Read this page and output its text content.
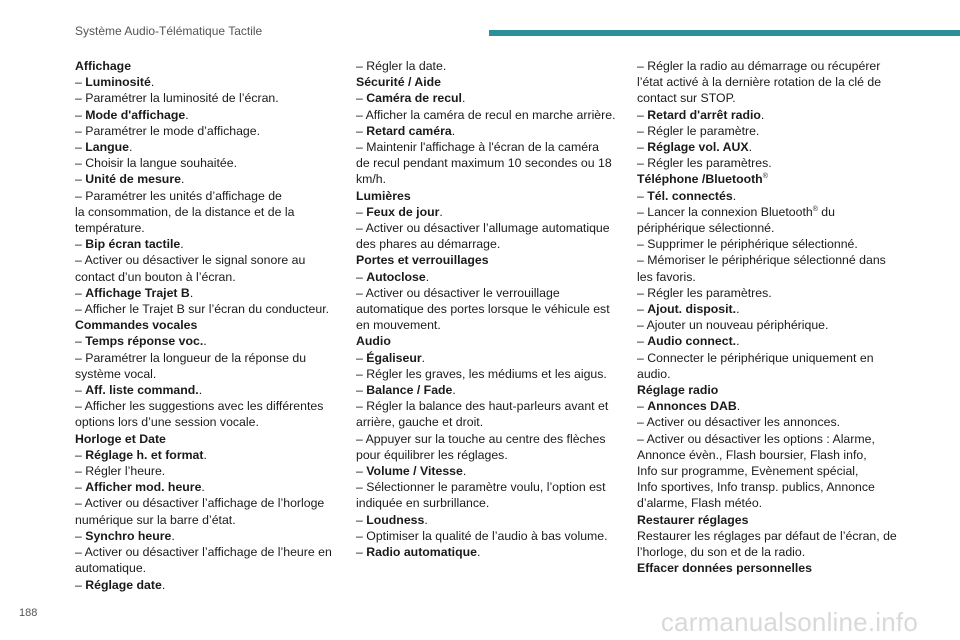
Système Audio-Télématique Tactile
Affichage
– Luminosité.
– Paramétrer la luminosité de l’écran.
– Mode d'affichage.
– Paramétrer le mode d’affichage.
– Langue.
– Choisir la langue souhaitée.
– Unité de mesure.
– Paramétrer les unités d’affichage de
la consommation, de la distance et de la
température.
– Bip écran tactile.
– Activer ou désactiver le signal sonore au
contact d’un bouton à l’écran.
– Affichage Trajet B.
– Afficher le Trajet B sur l’écran du conducteur.
Commandes vocales
– Temps réponse voc..
– Paramétrer la longueur de la réponse du
système vocal.
– Aff. liste command..
– Afficher les suggestions avec les différentes
options lors d’une session vocale.
Horloge et Date
– Réglage h. et format.
– Régler l’heure.
– Afficher mod. heure.
– Activer ou désactiver l’affichage de l’horloge
numérique sur la barre d’état.
– Synchro heure.
– Activer ou désactiver l’affichage de l’heure en
automatique.
– Réglage date.
– Régler la date.
Sécurité / Aide
– Caméra de recul.
– Afficher la caméra de recul en marche arrière.
– Retard caméra.
– Maintenir l'affichage à l'écran de la caméra
de recul pendant maximum 10 secondes ou 18
km/h.
Lumières
– Feux de jour.
– Activer ou désactiver l’allumage automatique
des phares au démarrage.
Portes et verrouillages
– Autoclose.
– Activer ou désactiver le verrouillage
automatique des portes lorsque le véhicule est
en mouvement.
Audio
– Égaliseur.
– Régler les graves, les médiums et les aigus.
– Balance / Fade.
– Régler la balance des haut-parleurs avant et
arrière, gauche et droit.
– Appuyer sur la touche au centre des flèches
pour équilibrer les réglages.
– Volume / Vitesse.
– Sélectionner le paramètre voulu, l’option est
indiquée en surbrillance.
– Loudness.
– Optimiser la qualité de l’audio à bas volume.
– Radio automatique.
– Régler la radio au démarrage ou récupérer
l’état activé à la dernière rotation de la clé de
contact sur STOP.
– Retard d'arrêt radio.
– Régler le paramètre.
– Réglage vol. AUX.
– Régler les paramètres.
Téléphone /Bluetooth®
– Tél. connectés.
– Lancer la connexion Bluetooth® du
périphérique sélectionné.
– Supprimer le périphérique sélectionné.
– Mémoriser le périphérique sélectionné dans
les favoris.
– Régler les paramètres.
– Ajout. disposit..
– Ajouter un nouveau périphérique.
– Audio connect..
– Connecter le périphérique uniquement en
audio.
Réglage radio
– Annonces DAB.
– Activer ou désactiver les annonces.
– Activer ou désactiver les options : Alarme,
Annonce évèn., Flash boursier, Flash info,
Info sur programme, Evènement spécial,
Info sportives, Info transp. publics, Annonce
d’alarme, Flash météo.
Restaurer réglages
Restaurer les réglages par défaut de l’écran, de
l’horloge, du son et de la radio.
Effacer données personnelles
188	carmanualsonline.info
